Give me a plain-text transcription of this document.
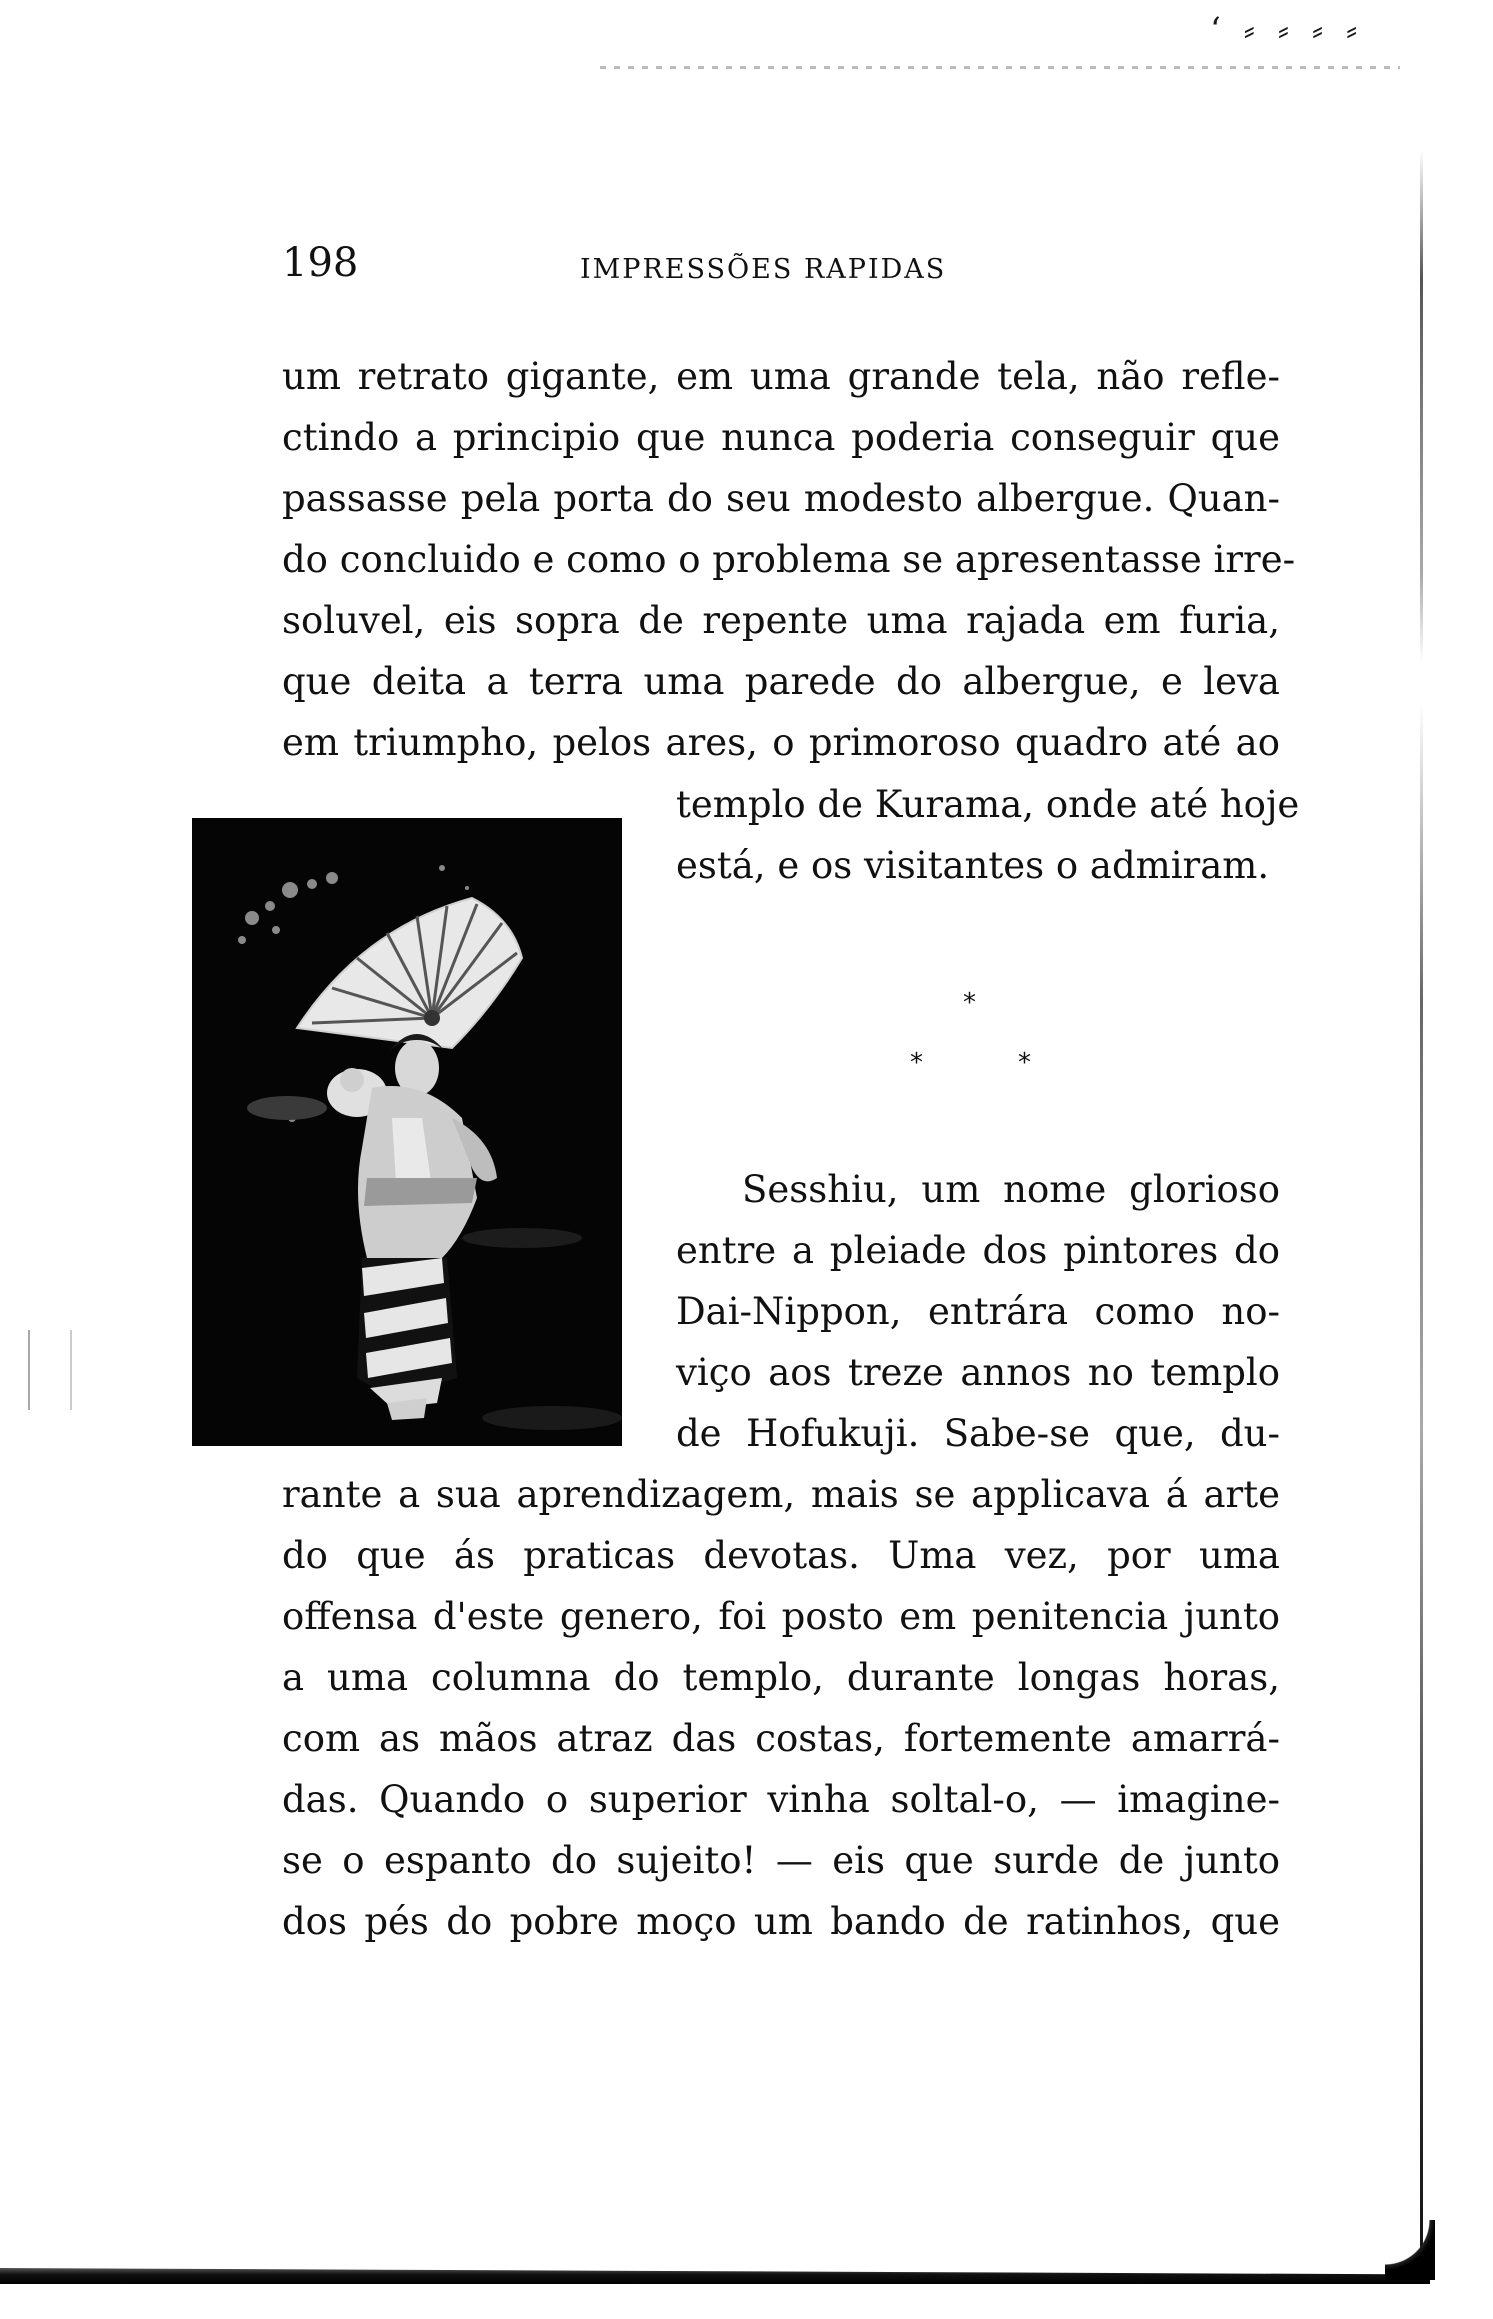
‘ ⸗ ⸗ ⸗ ⸗
198	IMPRESSÕES RAPIDAS
um retrato gigante, em uma grande tela, não refle-
ctindo a principio que nunca poderia conseguir que
passasse pela porta do seu modesto albergue. Quan-
do concluido e como o problema se apresentasse irre-
soluvel, eis sopra de repente uma rajada em furia,
que deita a terra uma parede do albergue, e leva
em triumpho, pelos ares, o primoroso quadro até ao
templo de Kurama, onde até hoje
está, e os visitantes o admiram.
*
*	*
Sesshiu, um nome glorioso
entre a pleiade dos pintores do
Dai-Nippon, entrára como no-
viço aos treze annos no templo
de Hofukuji. Sabe-se que, du-
rante a sua aprendizagem, mais se applicava á arte
do que ás praticas devotas. Uma vez, por uma
offensa d'este genero, foi posto em penitencia junto
a uma columna do templo, durante longas horas,
com as mãos atraz das costas, fortemente amarrá-
das. Quando o superior vinha soltal-o, — imagine-
se o espanto do sujeito! — eis que surde de junto
dos pés do pobre moço um bando de ratinhos, que
